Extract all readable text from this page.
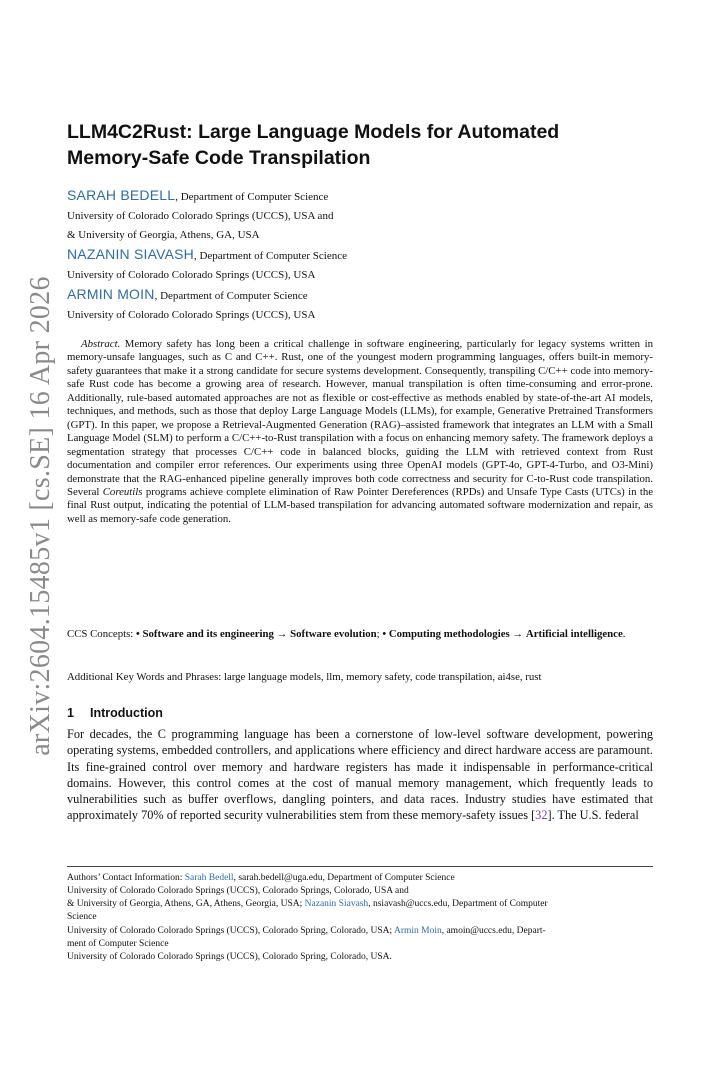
arXiv:2604.15485v1 [cs.SE] 16 Apr 2026
LLM4C2Rust: Large Language Models for Automated
Memory-Safe Code Transpilation
SARAH BEDELL, Department of Computer Science
University of Colorado Colorado Springs (UCCS), USA and
& University of Georgia, Athens, GA, USA
NAZANIN SIAVASH, Department of Computer Science
University of Colorado Colorado Springs (UCCS), USA
ARMIN MOIN, Department of Computer Science
University of Colorado Colorado Springs (UCCS), USA

Abstract. Memory safety has long been a critical challenge in software engineering, particularly for legacy systems written in memory-unsafe languages, such as C and C++. Rust, one of the youngest modern programming languages, offers built-in memory-safety guarantees that make it a strong candidate for secure systems development. Consequently, transpiling C/C++ code into memory-safe Rust code has become a growing area of research. However, manual transpilation is often time-consuming and error-prone. Additionally, rule-based automated approaches are not as flexible or cost-effective as methods enabled by state-of-the-art AI models, techniques, and methods, such as those that deploy Large Language Models (LLMs), for example, Generative Pretrained Transformers (GPT). In this paper, we propose a Retrieval-Augmented Generation (RAG)–assisted framework that integrates an LLM with a Small Language Model (SLM) to perform a C/C++-to-Rust transpilation with a focus on enhancing memory safety. The framework deploys a segmentation strategy that processes C/C++ code in balanced blocks, guiding the LLM with retrieved context from Rust documentation and compiler error references. Our experiments using three OpenAI models (GPT-4o, GPT-4-Turbo, and O3-Mini) demonstrate that the RAG-enhanced pipeline generally improves both code correctness and security for C-to-Rust code transpilation. Several Coreutils programs achieve complete elimination of Raw Pointer Dereferences (RPDs) and Unsafe Type Casts (UTCs) in the final Rust output, indicating the potential of LLM-based transpilation for advancing automated software modernization and repair, as well as memory-safe code generation.

CCS Concepts: • Software and its engineering → Software evolution; • Computing methodologies → Artificial intelligence.

Additional Key Words and Phrases: large language models, llm, memory safety, code transpilation, ai4se, rust

1 Introduction

For decades, the C programming language has been a cornerstone of low-level software development, powering operating systems, embedded controllers, and applications where efficiency and direct hardware access are paramount. Its fine-grained control over memory and hardware registers has made it indispensable in performance-critical domains. However, this control comes at the cost of manual memory management, which frequently leads to vulnerabilities such as buffer overflows, dangling pointers, and data races. Industry studies have estimated that approximately 70% of reported security vulnerabilities stem from these memory-safety issues [32]. The U.S. federal

Authors’ Contact Information: Sarah Bedell, sarah.bedell@uga.edu, Department of Computer Science
University of Colorado Colorado Springs (UCCS), Colorado Springs, Colorado, USA and
& University of Georgia, Athens, GA, Athens, Georgia, USA; Nazanin Siavash, nsiavash@uccs.edu, Department of Computer
Science
University of Colorado Colorado Springs (UCCS), Colorado Spring, Colorado, USA; Armin Moin, amoin@uccs.edu, Depart-
ment of Computer Science
University of Colorado Colorado Springs (UCCS), Colorado Spring, Colorado, USA.
